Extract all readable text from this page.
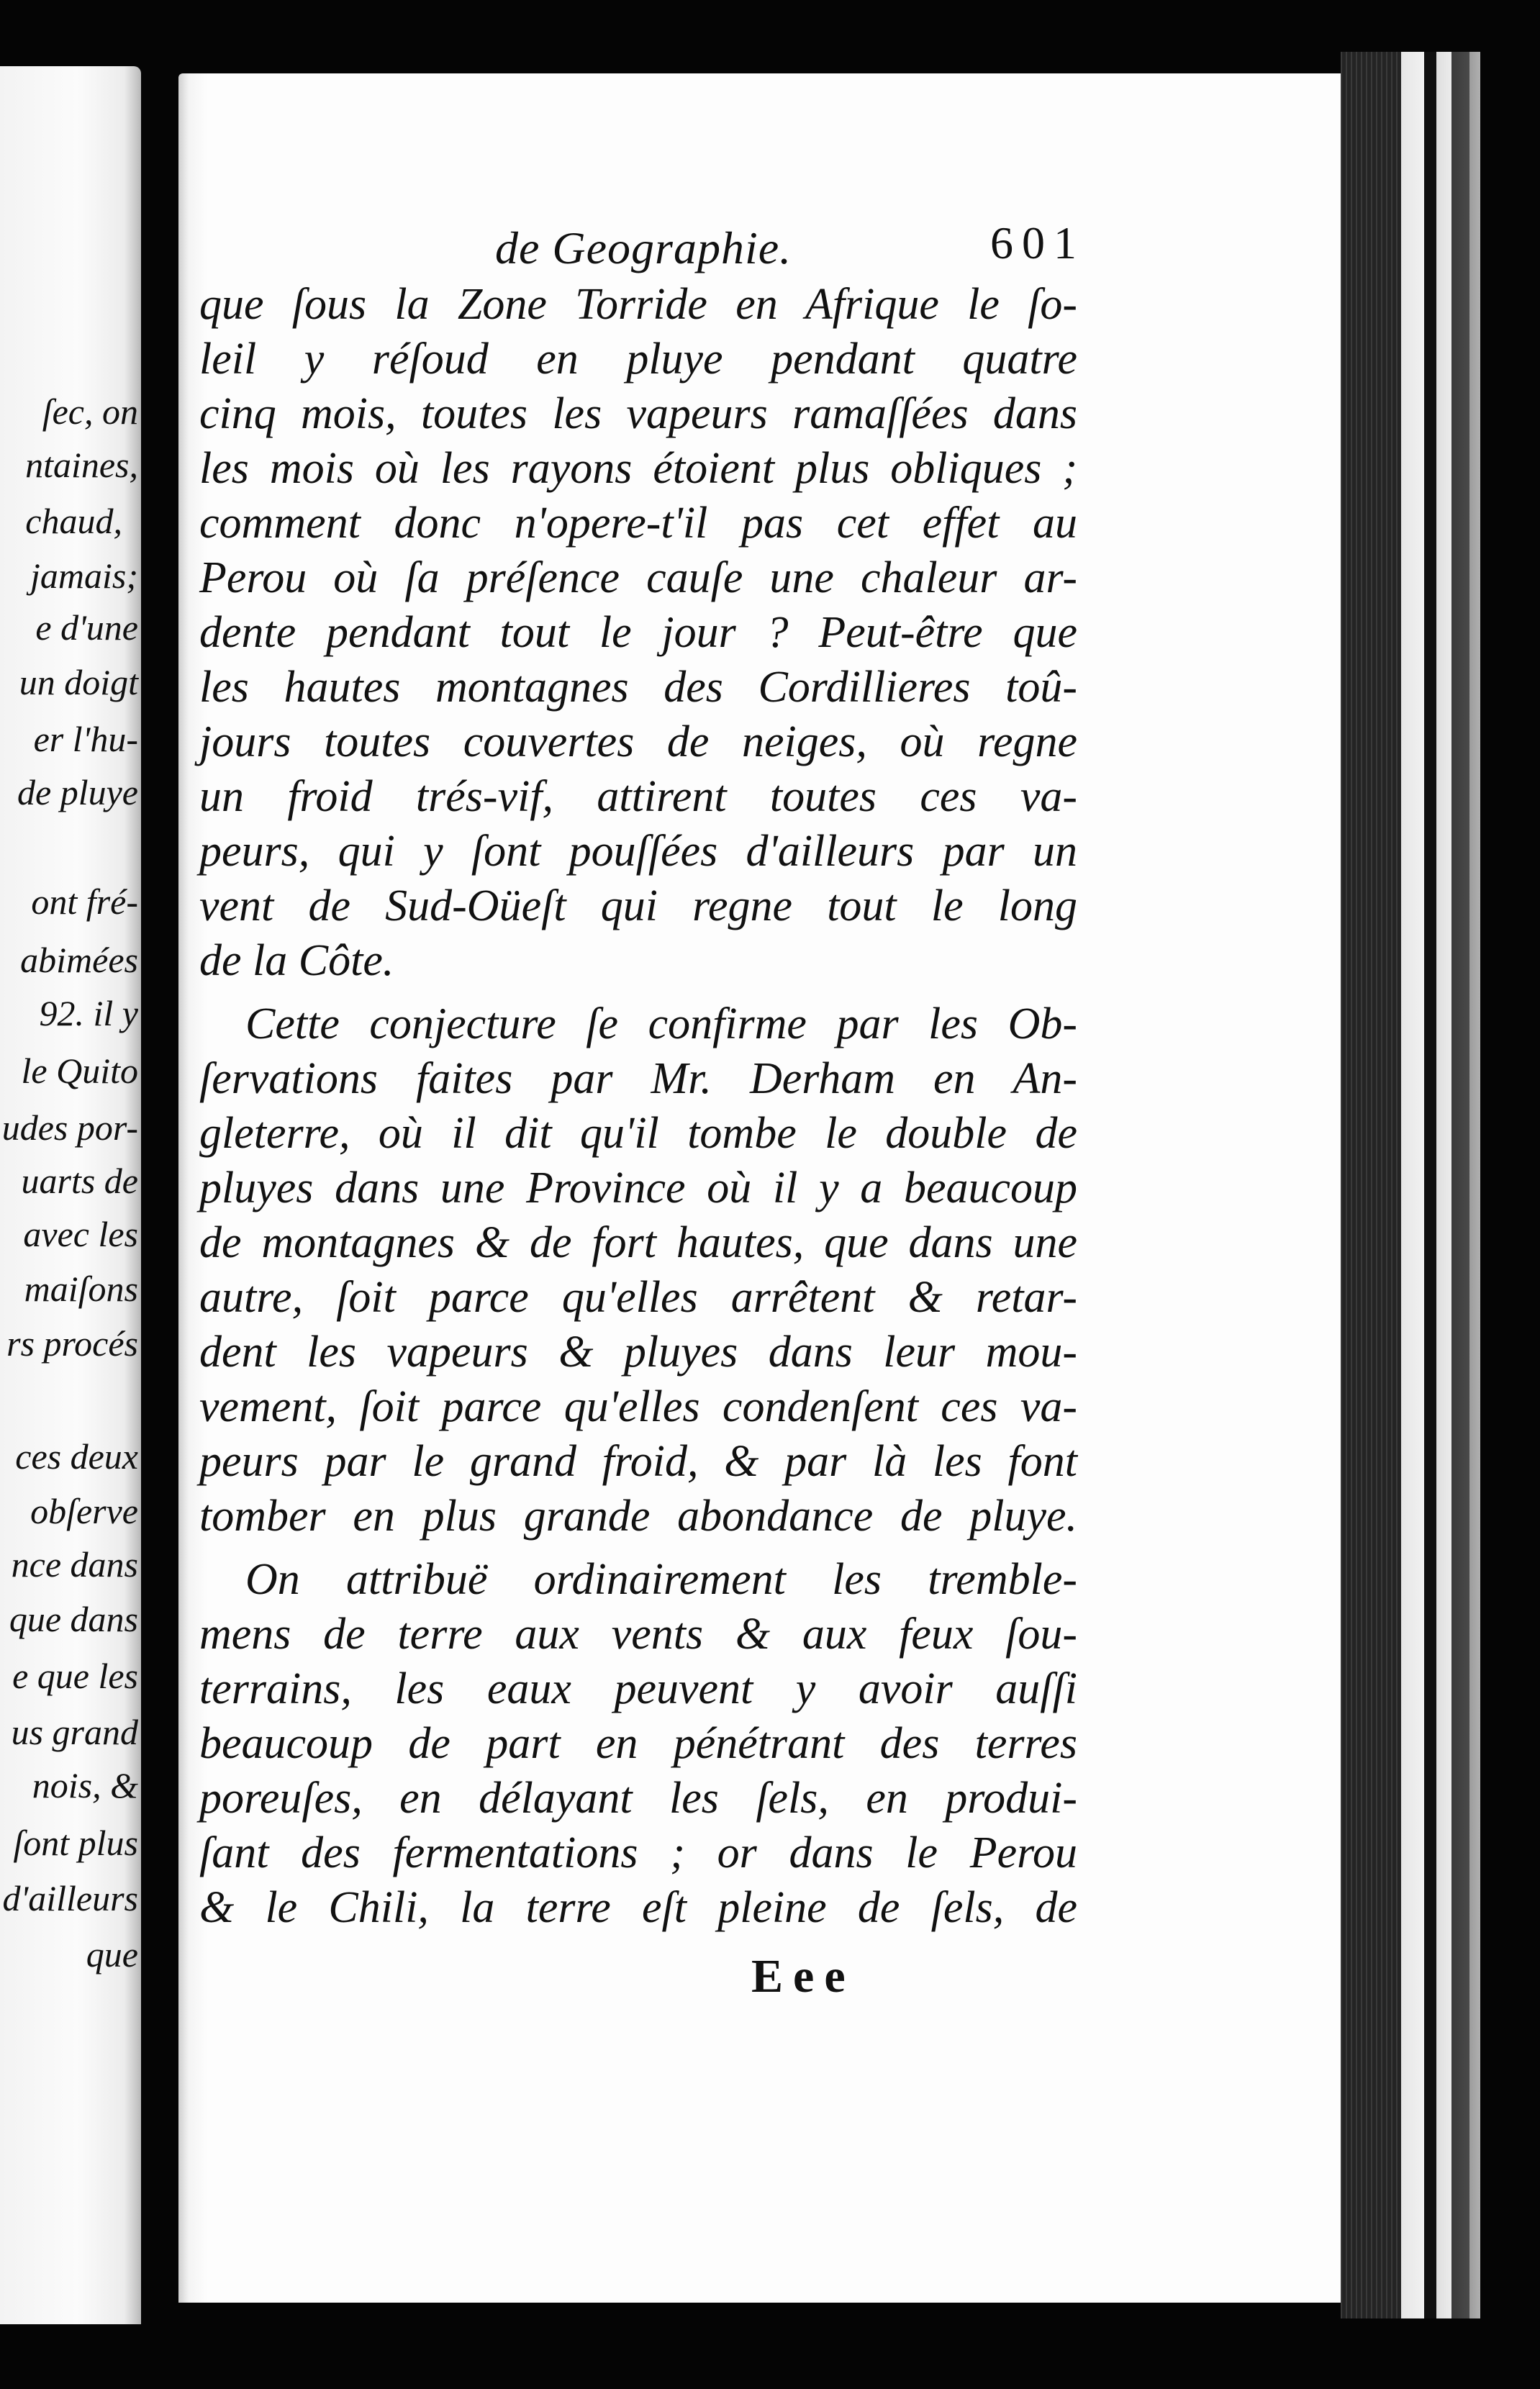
ſec, on
ntaines,
chaud,
jamais;
e d'une
un doigt
er l'hu-
de pluye
ont fré-
abimées
92. il y
le Quito
udes por-
uarts de
avec les
maiſons
rs procés
ces deux
obſerve
nce dans
que dans
e que les
us grand
nois, &
ſont plus
d'ailleurs
que
de Geographie.	601
que ſous la Zone Torride en Afrique le ſo-
leil y réſoud en pluye pendant quatre
cinq mois, toutes les vapeurs ramaſſées dans
les mois où les rayons étoient plus obliques ;
comment donc n'opere-t'il pas cet effet au
Perou où ſa préſence cauſe une chaleur ar-
dente pendant tout le jour ? Peut-être que
les hautes montagnes des Cordillieres toû-
jours toutes couvertes de neiges, où regne
un froid trés-vif, attirent toutes ces va-
peurs, qui y ſont pouſſées d'ailleurs par un
vent de Sud-Oüeſt qui regne tout le long
de la Côte.
Cette conjecture ſe confirme par les Ob-
ſervations faites par Mr. Derham en An-
gleterre, où il dit qu'il tombe le double de
pluyes dans une Province où il y a beaucoup
de montagnes & de fort hautes, que dans une
autre, ſoit parce qu'elles arrêtent & retar-
dent les vapeurs & pluyes dans leur mou-
vement, ſoit parce qu'elles condenſent ces va-
peurs par le grand froid, & par là les font
tomber en plus grande abondance de pluye.
On attribuë ordinairement les tremble-
mens de terre aux vents & aux feux ſou-
terrains, les eaux peuvent y avoir auſſi
beaucoup de part en pénétrant des terres
poreuſes, en délayant les ſels, en produi-
ſant des fermentations ; or dans le Perou
& le Chili, la terre eſt pleine de ſels, de
Eee
